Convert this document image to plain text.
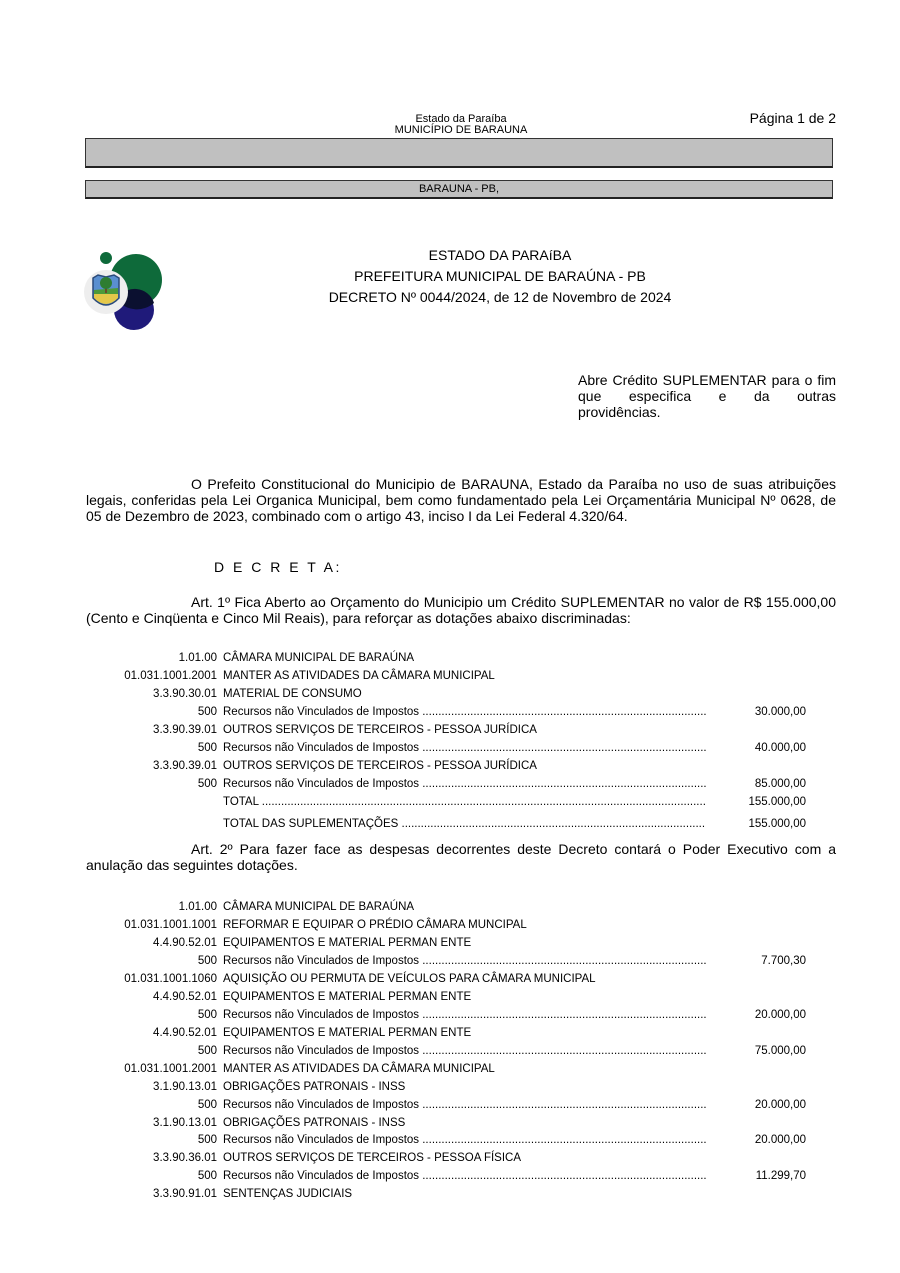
Estado da Paraíba
MUNICÍPIO DE BARAUNA
Página 1 de 2
BARAUNA - PB,
ESTADO DA PARAíBA
PREFEITURA MUNICIPAL DE BARAÚNA - PB
DECRETO Nº 0044/2024, de 12 de Novembro de 2024
Abre Crédito SUPLEMENTAR para o fim que especifica e da outras
providências.
O Prefeito Constitucional do Municipio de BARAUNA, Estado da Paraíba no uso de suas atribuições legais, conferidas pela Lei Organica Municipal, bem como fundamentado pela Lei Orçamentária Municipal Nº 0628, de 05 de Dezembro de 2023, combinado com o artigo 43, inciso I da Lei Federal 4.320/64.
D E C R E T A:
Art. 1º Fica Aberto ao Orçamento do Municipio um Crédito SUPLEMENTAR no valor de R$ 155.000,00 (Cento e Cinqüenta e Cinco Mil Reais), para reforçar as dotações abaixo discriminadas:
1.01.00 CÂMARA MUNICIPAL DE BARAÚNA
01.031.1001.2001 MANTER AS ATIVIDADES DA CÂMARA MUNICIPAL
3.3.90.30.01 MATERIAL DE CONSUMO
500 Recursos não Vinculados de Impostos .....	30.000,00
3.3.90.39.01 OUTROS SERVIÇOS DE TERCEIROS - PESSOA JURÍDICA
500 Recursos não Vinculados de Impostos .....	40.000,00
3.3.90.39.01 OUTROS SERVIÇOS DE TERCEIROS - PESSOA JURÍDICA
500 Recursos não Vinculados de Impostos .....	85.000,00
TOTAL .....	155.000,00
TOTAL DAS SUPLEMENTAÇÕES .....	155.000,00
Art. 2º Para fazer face as despesas decorrentes deste Decreto contará o Poder Executivo com a anulação das seguintes dotações.
1.01.00 CÂMARA MUNICIPAL DE BARAÚNA
01.031.1001.1001 REFORMAR E EQUIPAR O PRÉDIO CÂMARA MUNCIPAL
4.4.90.52.01 EQUIPAMENTOS E MATERIAL PERMAN ENTE
500 Recursos não Vinculados de Impostos .....	7.700,30
01.031.1001.1060 AQUISIÇÃO OU PERMUTA DE VEÍCULOS PARA CÂMARA MUNICIPAL
4.4.90.52.01 EQUIPAMENTOS E MATERIAL PERMAN ENTE
500 Recursos não Vinculados de Impostos .....	20.000,00
4.4.90.52.01 EQUIPAMENTOS E MATERIAL PERMAN ENTE
500 Recursos não Vinculados de Impostos .....	75.000,00
01.031.1001.2001 MANTER AS ATIVIDADES DA CÂMARA MUNICIPAL
3.1.90.13.01 OBRIGAÇÕES PATRONAIS - INSS
500 Recursos não Vinculados de Impostos .....	20.000,00
3.1.90.13.01 OBRIGAÇÕES PATRONAIS - INSS
500 Recursos não Vinculados de Impostos .....	20.000,00
3.3.90.36.01 OUTROS SERVIÇOS DE TERCEIROS - PESSOA FÍSICA
500 Recursos não Vinculados de Impostos .....	11.299,70
3.3.90.91.01 SENTENÇAS JUDICIAIS
